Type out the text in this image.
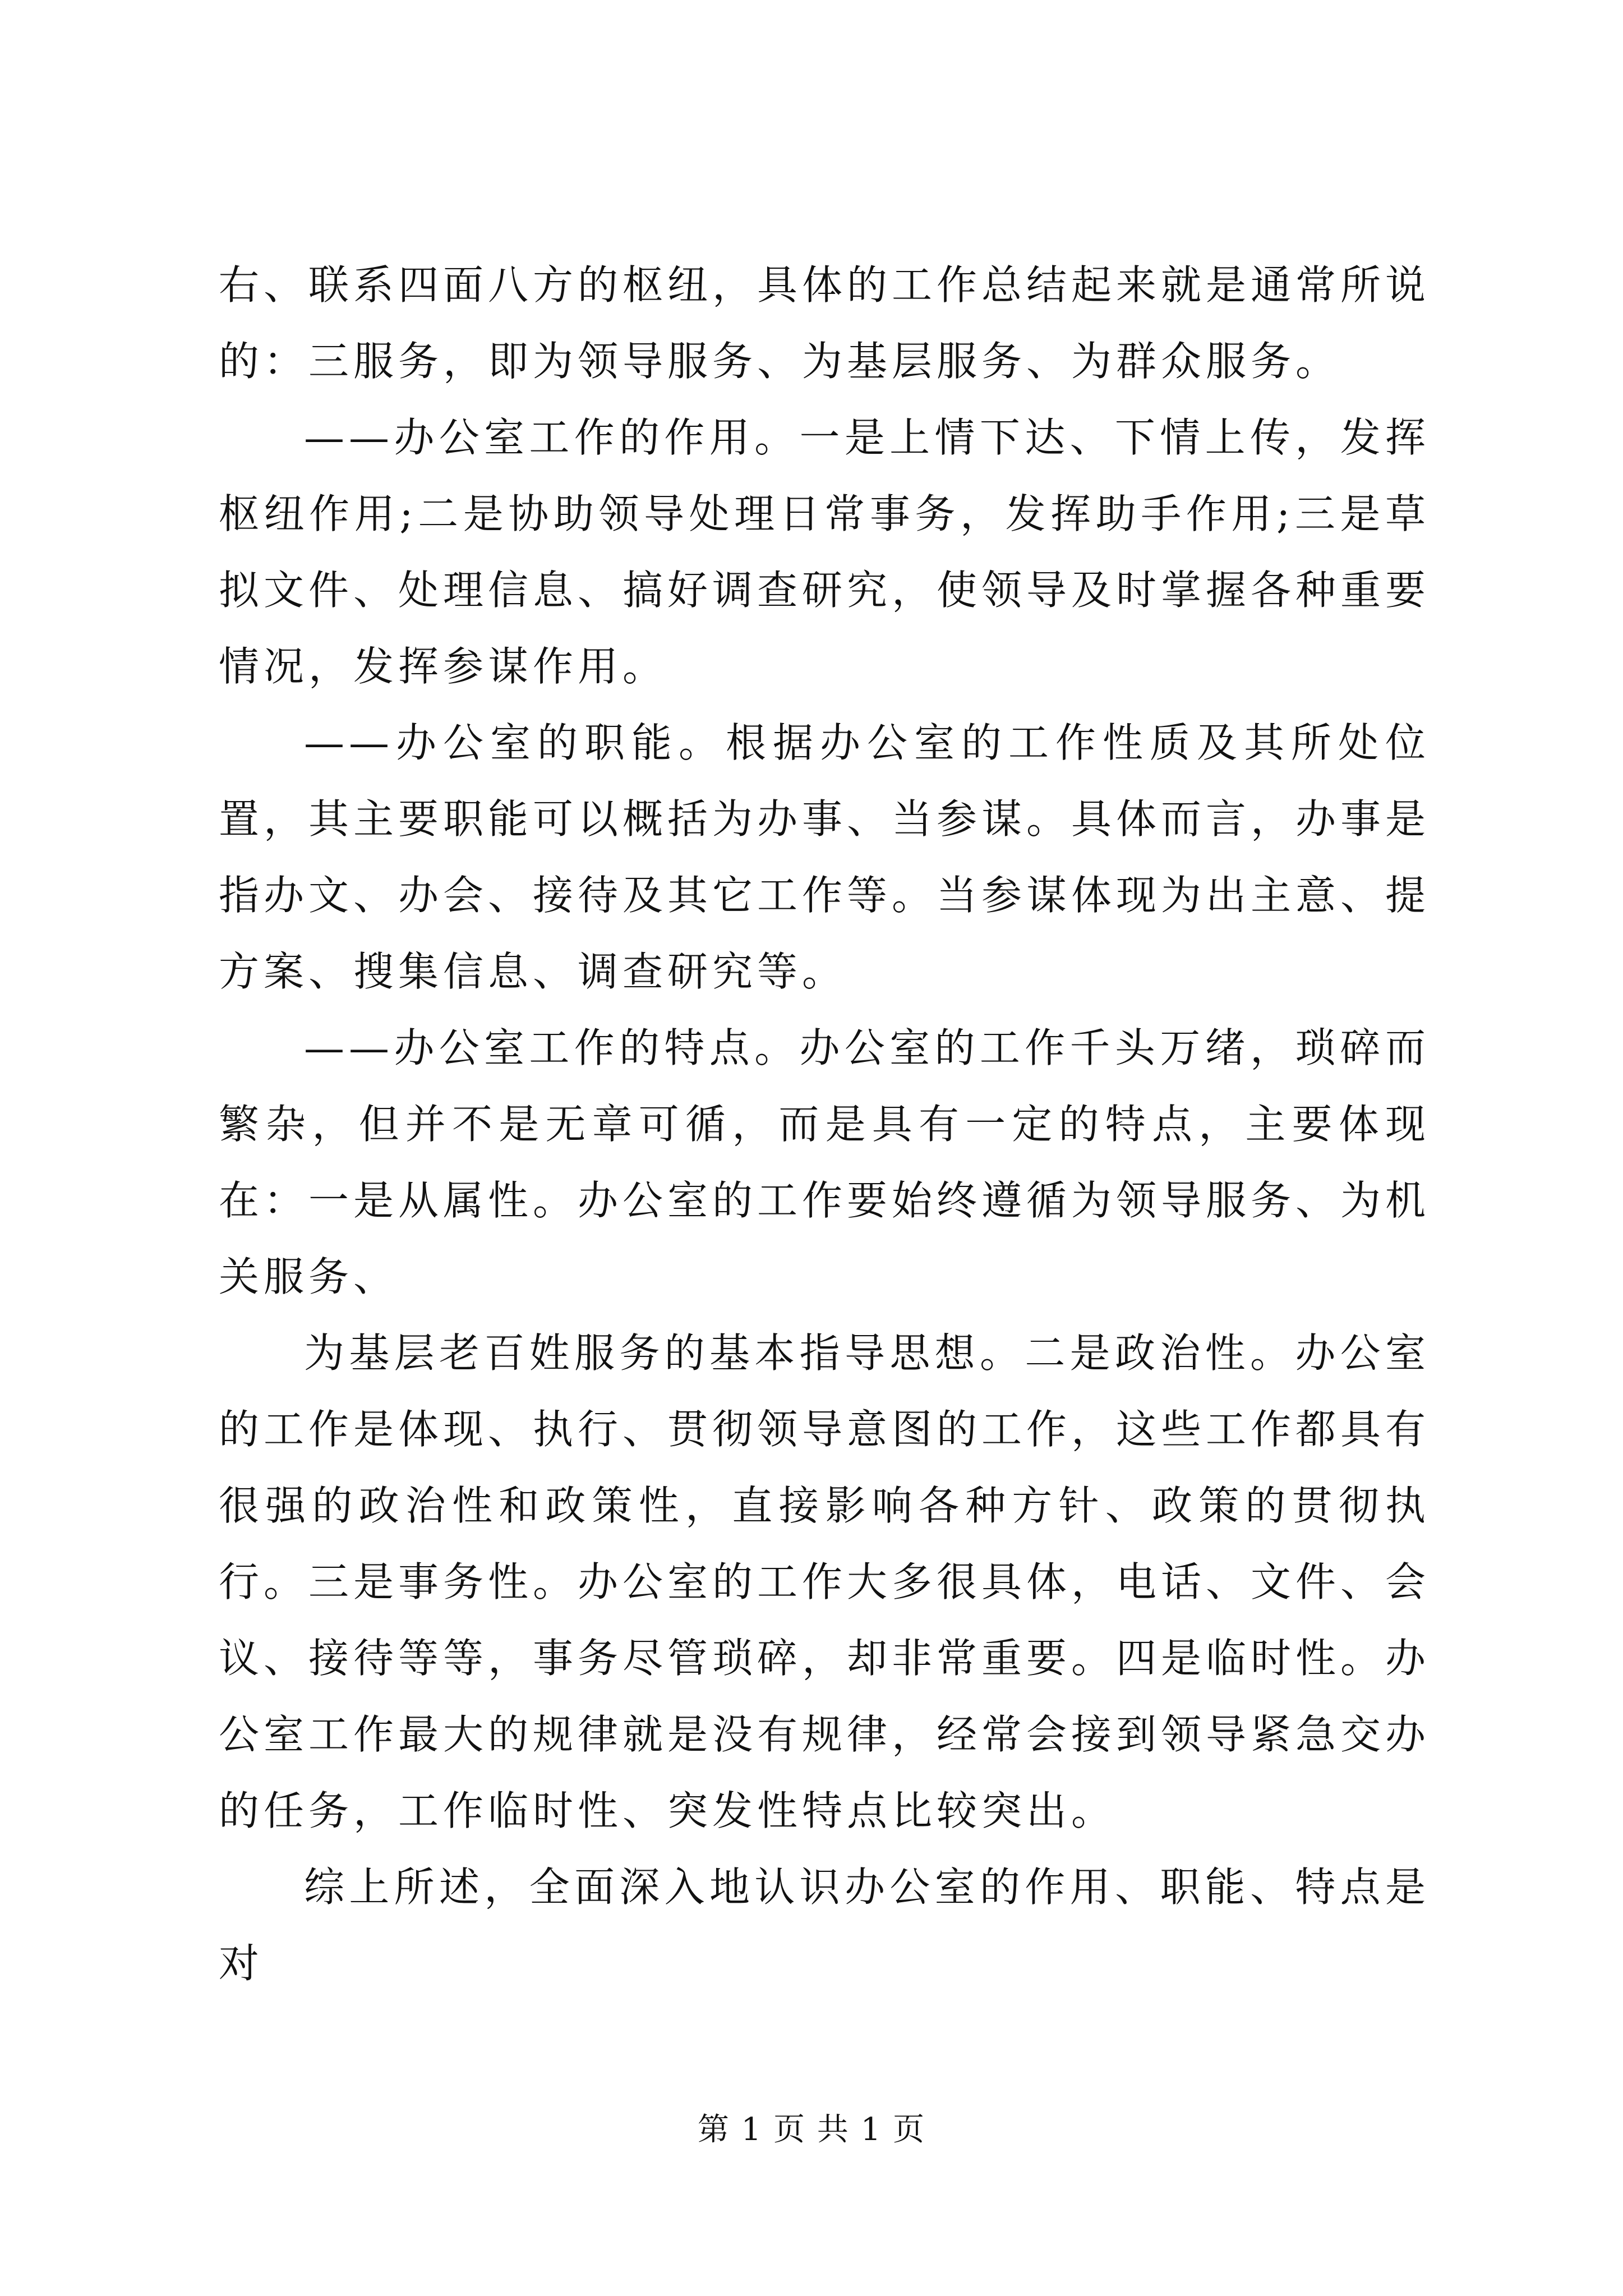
右、联系四面八方的枢纽，具体的工作总结起来就是通常所说的：三服务，即为领导服务、为基层服务、为群众服务。

——办公室工作的作用。一是上情下达、下情上传，发挥枢纽作用;二是协助领导处理日常事务，发挥助手作用;三是草拟文件、处理信息、搞好调查研究，使领导及时掌握各种重要情况，发挥参谋作用。

——办公室的职能。根据办公室的工作性质及其所处位置，其主要职能可以概括为办事、当参谋。具体而言，办事是指办文、办会、接待及其它工作等。当参谋体现为出主意、提方案、搜集信息、调查研究等。

——办公室工作的特点。办公室的工作千头万绪，琐碎而繁杂，但并不是无章可循，而是具有一定的特点，主要体现在：一是从属性。办公室的工作要始终遵循为领导服务、为机关服务、

为基层老百姓服务的基本指导思想。二是政治性。办公室的工作是体现、执行、贯彻领导意图的工作，这些工作都具有很强的政治性和政策性，直接影响各种方针、政策的贯彻执行。三是事务性。办公室的工作大多很具体，电话、文件、会议、接待等等，事务尽管琐碎，却非常重要。四是临时性。办公室工作最大的规律就是没有规律，经常会接到领导紧急交办的任务，工作临时性、突发性特点比较突出。

综上所述，全面深入地认识办公室的作用、职能、特点是对

第 1 页 共 1 页
